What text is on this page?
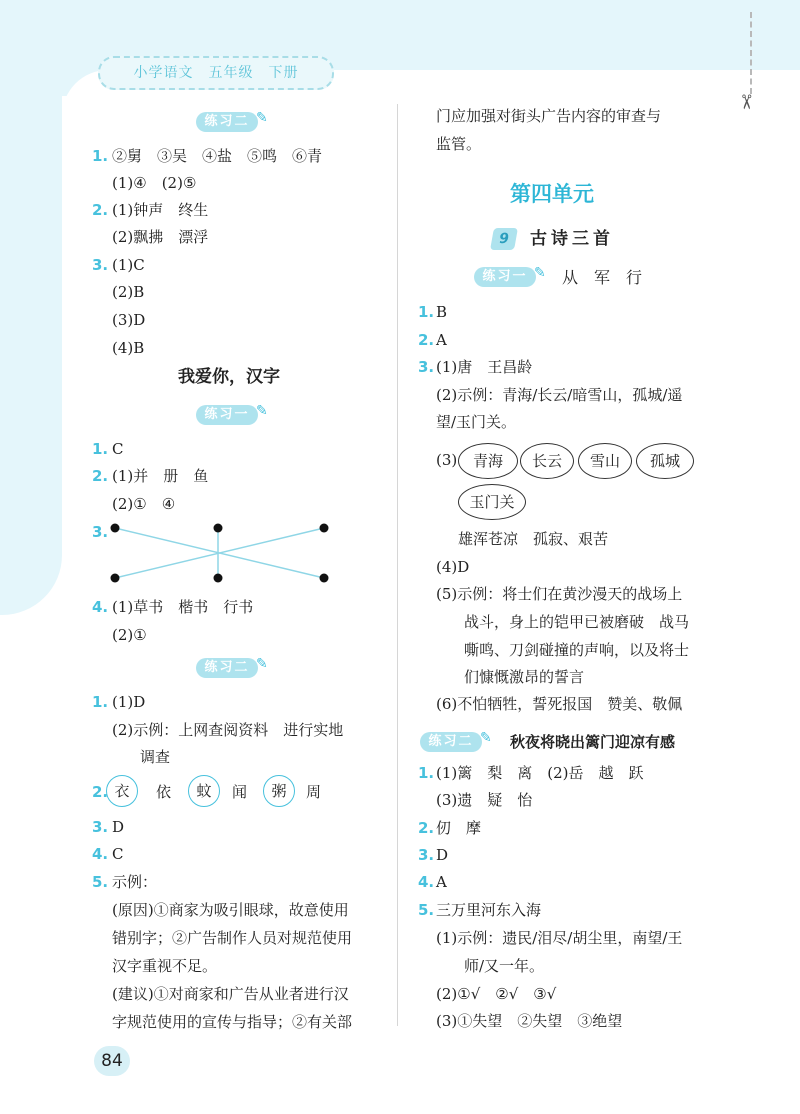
✂
小学语文　五年级　下册
练习二 ✎
1. ②舅　③吴　④盐　⑤鸣　⑥青
(1)④　(2)⑤
2. (1)钟声　终生
(2)飘拂　漂浮
3. (1)C
(2)B
(3)D
(4)B
我爱你，汉字
练习一 ✎
1. C
2. (1)并　册　鱼
(2)①　④
3.
4. (1)草书　楷书　行书
(2)①
练习二 ✎
1. (1)D
(2)示例：上网查阅资料　进行实地
调查
2. 衣	依	蚊	闻	粥	周
3. D
4. C
5. 示例：
(原因)①商家为吸引眼球，故意使用
错别字；②广告制作人员对规范使用
汉字重视不足。
(建议)①对商家和广告从业者进行汉
字规范使用的宣传与指导；②有关部
门应加强对街头广告内容的审查与
监管。
第四单元
9	古诗三首
练习一 ✎ 从　军　行
1. B
2. A
3. (1)唐　王昌龄
(2)示例：青海/长云/暗雪山，孤城/遥
望/玉门关。
(3)	青海	长云	雪山	孤城
玉门关
雄浑苍凉　孤寂、艰苦
(4)D
(5)示例：将士们在黄沙漫天的战场上
战斗，身上的铠甲已被磨破　战马
嘶鸣、刀剑碰撞的声响，以及将士
们慷慨激昂的誓言
(6)不怕牺牲，誓死报国　赞美、敬佩
练习二 ✎ 秋夜将晓出篱门迎凉有感
1. (1)篱　梨　离　(2)岳　越　跃
(3)遗　疑　怡
2. 仞　摩
3. D
4. A
5. 三万里河东入海
(1)示例：遗民/泪尽/胡尘里，南望/王
师/又一年。
(2)①√　②√　③√
(3)①失望　②失望　③绝望
84
